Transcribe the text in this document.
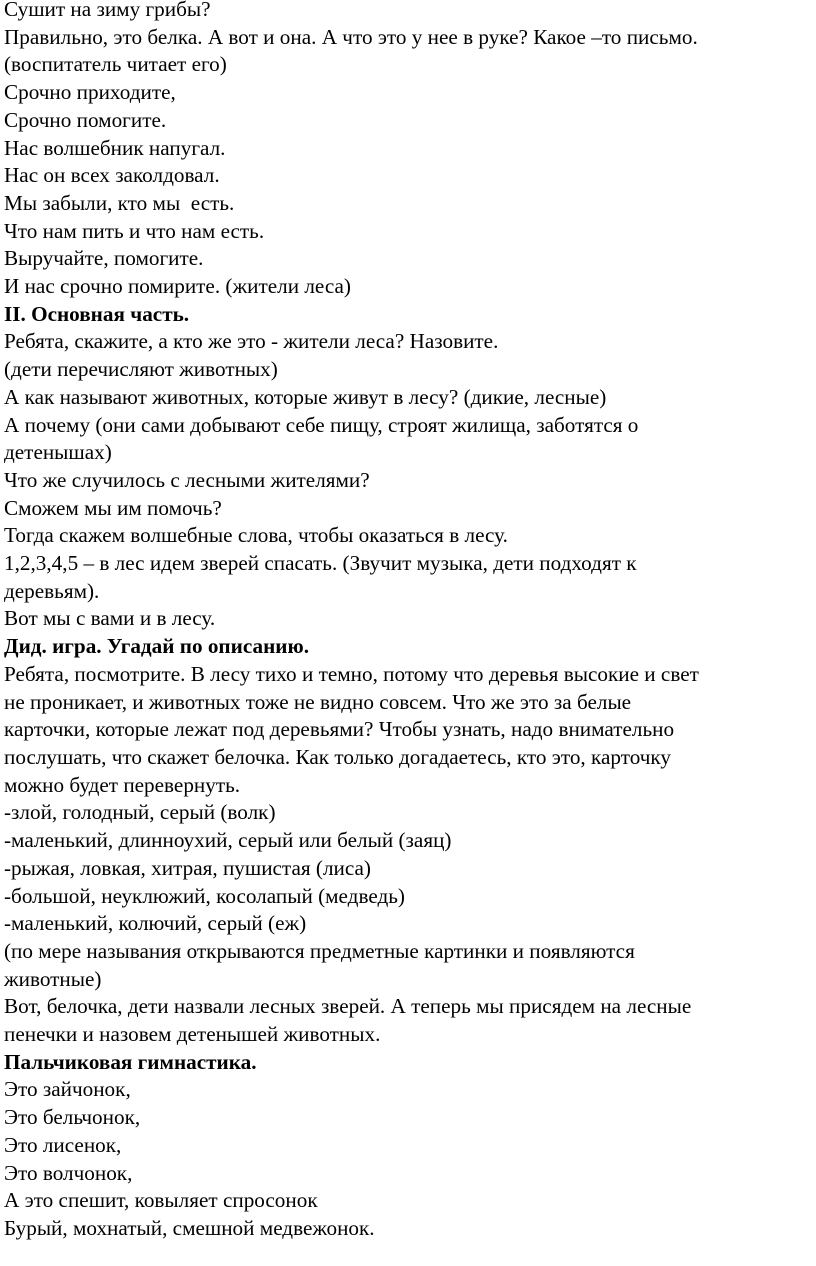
Сушит на зиму грибы?

Правильно, это белка. А вот и она. А что это у нее в руке? Какое –то письмо.

(воспитатель читает его)

Срочно приходите,

Срочно помогите.

Нас волшебник напугал.

Нас он всех заколдовал.

Мы забыли, кто мы  есть.

Что нам пить и что нам есть.

Выручайте, помогите.

И нас срочно помирите. (жители леса)

II. Основная часть.

Ребята, скажите, а кто же это - жители леса? Назовите.

(дети перечисляют животных)

А как называют животных, которые живут в лесу? (дикие, лесные)

А почему (они сами добывают себе пищу, строят жилища, заботятся о

детенышах)

Что же случилось с лесными жителями?

Сможем мы им помочь?

Тогда скажем волшебные слова, чтобы оказаться в лесу.

1,2,3,4,5 – в лес идем зверей спасать. (Звучит музыка, дети подходят к

деревьям).

Вот мы с вами и в лесу.

Дид. игра. Угадай по описанию.

Ребята, посмотрите. В лесу тихо и темно, потому что деревья высокие и свет

не проникает, и животных тоже не видно совсем. Что же это за белые

карточки, которые лежат под деревьями? Чтобы узнать, надо внимательно

послушать, что скажет белочка. Как только догадаетесь, кто это, карточку

можно будет перевернуть.

-злой, голодный, серый (волк)

-маленький, длинноухий, серый или белый (заяц)

-рыжая, ловкая, хитрая, пушистая (лиса)

-большой, неуклюжий, косолапый (медведь)

-маленький, колючий, серый (еж)

(по мере называния открываются предметные картинки и появляются

животные)

Вот, белочка, дети назвали лесных зверей. А теперь мы присядем на лесные

пенечки и назовем детенышей животных.

Пальчиковая гимнастика.

Это зайчонок,

Это бельчонок,

Это лисенок,

Это волчонок,

А это спешит, ковыляет спросонок

Бурый, мохнатый, смешной медвежонок.
